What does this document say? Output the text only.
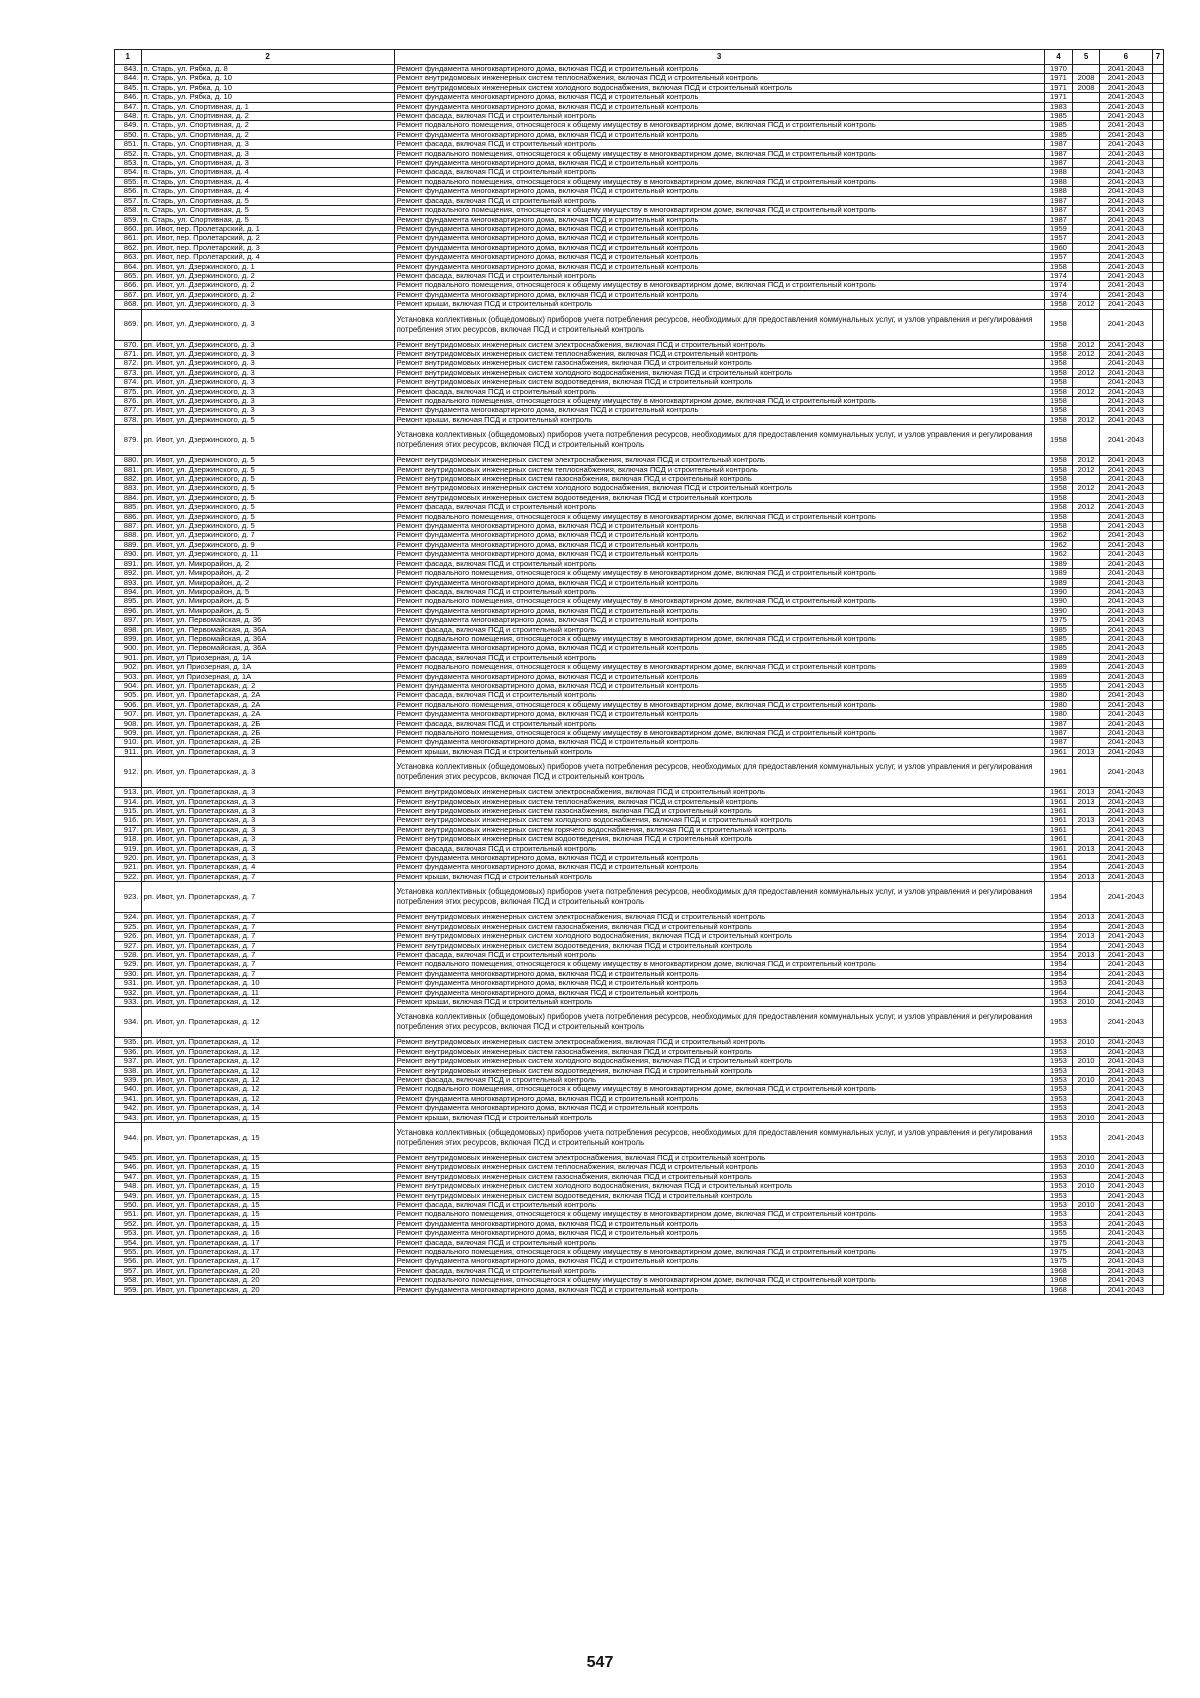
1	2	3	4	5	6	7
843.	п. Старь, ул. Рябка, д. 8	Ремонт фундамента многоквартирного дома, включая ПСД и строительный контроль	1970		2041-2043	
844.	п. Старь, ул. Рябка, д. 10	Ремонт внутридомовых инженерных систем теплоснабжения, включая ПСД и строительный контроль	1971	2008	2041-2043	
845.	п. Старь, ул. Рябка, д. 10	Ремонт внутридомовых инженерных систем холодного водоснабжения, включая ПСД и строительный контроль	1971	2008	2041-2043	
846.	п. Старь, ул. Рябка, д. 10	Ремонт фундамента многоквартирного дома, включая ПСД и строительный контроль	1971		2041-2043	
847.	п. Старь, ул. Спортивная, д. 1	Ремонт фундамента многоквартирного дома, включая ПСД и строительный контроль	1983		2041-2043	
848.	п. Старь, ул. Спортивная, д. 2	Ремонт фасада, включая ПСД и строительный контроль	1985		2041-2043	
849.	п. Старь, ул. Спортивная, д. 2	Ремонт подвального помещения, относящегося к общему имуществу в многоквартирном доме, включая ПСД и строительный контроль	1985		2041-2043	
850.	п. Старь, ул. Спортивная, д. 2	Ремонт фундамента многоквартирного дома, включая ПСД и строительный контроль	1985		2041-2043	
851.	п. Старь, ул. Спортивная, д. 3	Ремонт фасада, включая ПСД и строительный контроль	1987		2041-2043	
852.	п. Старь, ул. Спортивная, д. 3	Ремонт подвального помещения, относящегося к общему имуществу в многоквартирном доме, включая ПСД и строительный контроль	1987		2041-2043	
853.	п. Старь, ул. Спортивная, д. 3	Ремонт фундамента многоквартирного дома, включая ПСД и строительный контроль	1987		2041-2043	
854.	п. Старь, ул. Спортивная, д. 4	Ремонт фасада, включая ПСД и строительный контроль	1988		2041-2043	
855.	п. Старь, ул. Спортивная, д. 4	Ремонт подвального помещения, относящегося к общему имуществу в многоквартирном доме, включая ПСД и строительный контроль	1988		2041-2043	
856.	п. Старь, ул. Спортивная, д. 4	Ремонт фундамента многоквартирного дома, включая ПСД и строительный контроль	1988		2041-2043	
857.	п. Старь, ул. Спортивная, д. 5	Ремонт фасада, включая ПСД и строительный контроль	1987		2041-2043	
858.	п. Старь, ул. Спортивная, д. 5	Ремонт подвального помещения, относящегося к общему имуществу в многоквартирном доме, включая ПСД и строительный контроль	1987		2041-2043	
859.	п. Старь, ул. Спортивная, д. 5	Ремонт фундамента многоквартирного дома, включая ПСД и строительный контроль	1987		2041-2043	
860.	рп. Ивот, пер. Пролетарский, д. 1	Ремонт фундамента многоквартирного дома, включая ПСД и строительный контроль	1959		2041-2043	
861.	рп. Ивот, пер. Пролетарский, д. 2	Ремонт фундамента многоквартирного дома, включая ПСД и строительный контроль	1957		2041-2043	
862.	рп. Ивот, пер. Пролетарский, д. 3	Ремонт фундамента многоквартирного дома, включая ПСД и строительный контроль	1960		2041-2043	
863.	рп. Ивот, пер. Пролетарский, д. 4	Ремонт фундамента многоквартирного дома, включая ПСД и строительный контроль	1957		2041-2043	
864.	рп. Ивот, ул. Дзержинского, д. 1	Ремонт фундамента многоквартирного дома, включая ПСД и строительный контроль	1958		2041-2043	
865.	рп. Ивот, ул. Дзержинского, д. 2	Ремонт фасада, включая ПСД и строительный контроль	1974		2041-2043	
866.	рп. Ивот, ул. Дзержинского, д. 2	Ремонт подвального помещения, относящегося к общему имуществу в многоквартирном доме, включая ПСД и строительный контроль	1974		2041-2043	
867.	рп. Ивот, ул. Дзержинского, д. 2	Ремонт фундамента многоквартирного дома, включая ПСД и строительный контроль	1974		2041-2043	
868.	рп. Ивот, ул. Дзержинского, д. 3	Ремонт крыши, включая ПСД и строительный контроль	1958	2012	2041-2043	
869.	рп. Ивот, ул. Дзержинского, д. 3	Установка коллективных (общедомовых) приборов учета потребления ресурсов, необходимых для предоставления коммунальных услуг, и узлов управления и регулирования потребления этих ресурсов, включая ПСД и строительный контроль	1958		2041-2043	
870.	рп. Ивот, ул. Дзержинского, д. 3	Ремонт внутридомовых инженерных систем электроснабжения, включая ПСД и строительный контроль	1958	2012	2041-2043	
871.	рп. Ивот, ул. Дзержинского, д. 3	Ремонт внутридомовых инженерных систем теплоснабжения, включая ПСД и строительный контроль	1958	2012	2041-2043	
872.	рп. Ивот, ул. Дзержинского, д. 3	Ремонт внутридомовых инженерных систем газоснабжения, включая ПСД и строительный контроль	1958		2041-2043	
873.	рп. Ивот, ул. Дзержинского, д. 3	Ремонт внутридомовых инженерных систем холодного водоснабжения, включая ПСД и строительный контроль	1958	2012	2041-2043	
874.	рп. Ивот, ул. Дзержинского, д. 3	Ремонт внутридомовых инженерных систем водоотведения, включая ПСД и строительный контроль	1958		2041-2043	
875.	рп. Ивот, ул. Дзержинского, д. 3	Ремонт фасада, включая ПСД и строительный контроль	1958	2012	2041-2043	
876.	рп. Ивот, ул. Дзержинского, д. 3	Ремонт подвального помещения, относящегося к общему имуществу в многоквартирном доме, включая ПСД и строительный контроль	1958		2041-2043	
877.	рп. Ивот, ул. Дзержинского, д. 3	Ремонт фундамента многоквартирного дома, включая ПСД и строительный контроль	1958		2041-2043	
878.	рп. Ивот, ул. Дзержинского, д. 5	Ремонт крыши, включая ПСД и строительный контроль	1958	2012	2041-2043	
879.	рп. Ивот, ул. Дзержинского, д. 5	Установка коллективных (общедомовых) приборов учета потребления ресурсов, необходимых для предоставления коммунальных услуг, и узлов управления и регулирования потребления этих ресурсов, включая ПСД и строительный контроль	1958		2041-2043	
880.	рп. Ивот, ул. Дзержинского, д. 5	Ремонт внутридомовых инженерных систем электроснабжения, включая ПСД и строительный контроль	1958	2012	2041-2043	
881.	рп. Ивот, ул. Дзержинского, д. 5	Ремонт внутридомовых инженерных систем теплоснабжения, включая ПСД и строительный контроль	1958	2012	2041-2043	
882.	рп. Ивот, ул. Дзержинского, д. 5	Ремонт внутридомовых инженерных систем газоснабжения, включая ПСД и строительный контроль	1958		2041-2043	
883.	рп. Ивот, ул. Дзержинского, д. 5	Ремонт внутридомовых инженерных систем холодного водоснабжения, включая ПСД и строительный контроль	1958	2012	2041-2043	
884.	рп. Ивот, ул. Дзержинского, д. 5	Ремонт внутридомовых инженерных систем водоотведения, включая ПСД и строительный контроль	1958		2041-2043	
885.	рп. Ивот, ул. Дзержинского, д. 5	Ремонт фасада, включая ПСД и строительный контроль	1958	2012	2041-2043	
886.	рп. Ивот, ул. Дзержинского, д. 5	Ремонт подвального помещения, относящегося к общему имуществу в многоквартирном доме, включая ПСД и строительный контроль	1958		2041-2043	
887.	рп. Ивот, ул. Дзержинского, д. 5	Ремонт фундамента многоквартирного дома, включая ПСД и строительный контроль	1958		2041-2043	
888.	рп. Ивот, ул. Дзержинского, д. 7	Ремонт фундамента многоквартирного дома, включая ПСД и строительный контроль	1962		2041-2043	
889.	рп. Ивот, ул. Дзержинского, д. 9	Ремонт фундамента многоквартирного дома, включая ПСД и строительный контроль	1962		2041-2043	
890.	рп. Ивот, ул. Дзержинского, д. 11	Ремонт фундамента многоквартирного дома, включая ПСД и строительный контроль	1962		2041-2043	
891.	рп. Ивот, ул. Микрорайон, д. 2	Ремонт фасада, включая ПСД и строительный контроль	1989		2041-2043	
892.	рп. Ивот, ул. Микрорайон, д. 2	Ремонт подвального помещения, относящегося к общему имуществу в многоквартирном доме, включая ПСД и строительный контроль	1989		2041-2043	
893.	рп. Ивот, ул. Микрорайон, д. 2	Ремонт фундамента многоквартирного дома, включая ПСД и строительный контроль	1989		2041-2043	
894.	рп. Ивот, ул. Микрорайон, д. 5	Ремонт фасада, включая ПСД и строительный контроль	1990		2041-2043	
895.	рп. Ивот, ул. Микрорайон, д. 5	Ремонт подвального помещения, относящегося к общему имуществу в многоквартирном доме, включая ПСД и строительный контроль	1990		2041-2043	
896.	рп. Ивот, ул. Микрорайон, д. 5	Ремонт фундамента многоквартирного дома, включая ПСД и строительный контроль	1990		2041-2043	
897.	рп. Ивот, ул. Первомайская, д. 36	Ремонт фундамента многоквартирного дома, включая ПСД и строительный контроль	1975		2041-2043	
898.	рп. Ивот, ул. Первомайская, д. 36А	Ремонт фасада, включая ПСД и строительный контроль	1985		2041-2043	
899.	рп. Ивот, ул. Первомайская, д. 36А	Ремонт подвального помещения, относящегося к общему имуществу в многоквартирном доме, включая ПСД и строительный контроль	1985		2041-2043	
900.	рп. Ивот, ул. Первомайская, д. 36А	Ремонт фундамента многоквартирного дома, включая ПСД и строительный контроль	1985		2041-2043	
901.	рп. Ивот, ул Приозерная, д. 1А	Ремонт фасада, включая ПСД и строительный контроль	1989		2041-2043	
902.	рп. Ивот, ул Приозерная, д. 1А	Ремонт подвального помещения, относящегося к общему имуществу в многоквартирном доме, включая ПСД и строительный контроль	1989		2041-2043	
903.	рп. Ивот, ул Приозерная, д. 1А	Ремонт фундамента многоквартирного дома, включая ПСД и строительный контроль	1989		2041-2043	
904.	рп. Ивот, ул. Пролетарская, д. 2	Ремонт фундамента многоквартирного дома, включая ПСД и строительный контроль	1955		2041-2043	
905.	рп. Ивот, ул. Пролетарская, д. 2А	Ремонт фасада, включая ПСД и строительный контроль	1980		2041-2043	
906.	рп. Ивот, ул. Пролетарская, д. 2А	Ремонт подвального помещения, относящегося к общему имуществу в многоквартирном доме, включая ПСД и строительный контроль	1980		2041-2043	
907.	рп. Ивот, ул. Пролетарская, д. 2А	Ремонт фундамента многоквартирного дома, включая ПСД и строительный контроль	1980		2041-2043	
908.	рп. Ивот, ул. Пролетарская, д. 2Б	Ремонт фасада, включая ПСД и строительный контроль	1987		2041-2043	
909.	рп. Ивот, ул. Пролетарская, д. 2Б	Ремонт подвального помещения, относящегося к общему имуществу в многоквартирном доме, включая ПСД и строительный контроль	1987		2041-2043	
910.	рп. Ивот, ул. Пролетарская, д. 2Б	Ремонт фундамента многоквартирного дома, включая ПСД и строительный контроль	1987		2041-2043	
911.	рп. Ивот, ул. Пролетарская, д. 3	Ремонт крыши, включая ПСД и строительный контроль	1961	2013	2041-2043	
912.	рп. Ивот, ул. Пролетарская, д. 3	Установка коллективных (общедомовых) приборов учета потребления ресурсов, необходимых для предоставления коммунальных услуг, и узлов управления и регулирования потребления этих ресурсов, включая ПСД и строительный контроль	1961		2041-2043	
913.	рп. Ивот, ул. Пролетарская, д. 3	Ремонт внутридомовых инженерных систем электроснабжения, включая ПСД и строительный контроль	1961	2013	2041-2043	
914.	рп. Ивот, ул. Пролетарская, д. 3	Ремонт внутридомовых инженерных систем теплоснабжения, включая ПСД и строительный контроль	1961	2013	2041-2043	
915.	рп. Ивот, ул. Пролетарская, д. 3	Ремонт внутридомовых инженерных систем газоснабжения, включая ПСД и строительный контроль	1961		2041-2043	
916.	рп. Ивот, ул. Пролетарская, д. 3	Ремонт внутридомовых инженерных систем холодного водоснабжения, включая ПСД и строительный контроль	1961	2013	2041-2043	
917.	рп. Ивот, ул. Пролетарская, д. 3	Ремонт внутридомовых инженерных систем горячего водоснабжения, включая ПСД и строительный контроль	1961		2041-2043	
918.	рп. Ивот, ул. Пролетарская, д. 3	Ремонт внутридомовых инженерных систем водоотведения, включая ПСД и строительный контроль	1961		2041-2043	
919.	рп. Ивот, ул. Пролетарская, д. 3	Ремонт фасада, включая ПСД и строительный контроль	1961	2013	2041-2043	
920.	рп. Ивот, ул. Пролетарская, д. 3	Ремонт фундамента многоквартирного дома, включая ПСД и строительный контроль	1961		2041-2043	
921.	рп. Ивот, ул. Пролетарская, д. 4	Ремонт фундамента многоквартирного дома, включая ПСД и строительный контроль	1954		2041-2043	
922.	рп. Ивот, ул. Пролетарская, д. 7	Ремонт крыши, включая ПСД и строительный контроль	1954	2013	2041-2043	
923.	рп. Ивот, ул. Пролетарская, д. 7	Установка коллективных (общедомовых) приборов учета потребления ресурсов, необходимых для предоставления коммунальных услуг, и узлов управления и регулирования потребления этих ресурсов, включая ПСД и строительный контроль	1954		2041-2043	
924.	рп. Ивот, ул. Пролетарская, д. 7	Ремонт внутридомовых инженерных систем электроснабжения, включая ПСД и строительный контроль	1954	2013	2041-2043	
925.	рп. Ивот, ул. Пролетарская, д. 7	Ремонт внутридомовых инженерных систем газоснабжения, включая ПСД и строительный контроль	1954		2041-2043	
926.	рп. Ивот, ул. Пролетарская, д. 7	Ремонт внутридомовых инженерных систем холодного водоснабжения, включая ПСД и строительный контроль	1954	2013	2041-2043	
927.	рп. Ивот, ул. Пролетарская, д. 7	Ремонт внутридомовых инженерных систем водоотведения, включая ПСД и строительный контроль	1954		2041-2043	
928.	рп. Ивот, ул. Пролетарская, д. 7	Ремонт фасада, включая ПСД и строительный контроль	1954	2013	2041-2043	
929.	рп. Ивот, ул. Пролетарская, д. 7	Ремонт подвального помещения, относящегося к общему имуществу в многоквартирном доме, включая ПСД и строительный контроль	1954		2041-2043	
930.	рп. Ивот, ул. Пролетарская, д. 7	Ремонт фундамента многоквартирного дома, включая ПСД и строительный контроль	1954		2041-2043	
931.	рп. Ивот, ул. Пролетарская, д. 10	Ремонт фундамента многоквартирного дома, включая ПСД и строительный контроль	1953		2041-2043	
932.	рп. Ивот, ул. Пролетарская, д. 11	Ремонт фундамента многоквартирного дома, включая ПСД и строительный контроль	1964		2041-2043	
933.	рп. Ивот, ул. Пролетарская, д. 12	Ремонт крыши, включая ПСД и строительный контроль	1953	2010	2041-2043	
934.	рп. Ивот, ул. Пролетарская, д. 12	Установка коллективных (общедомовых) приборов учета потребления ресурсов, необходимых для предоставления коммунальных услуг, и узлов управления и регулирования потребления этих ресурсов, включая ПСД и строительный контроль	1953		2041-2043	
935.	рп. Ивот, ул. Пролетарская, д. 12	Ремонт внутридомовых инженерных систем электроснабжения, включая ПСД и строительный контроль	1953	2010	2041-2043	
936.	рп. Ивот, ул. Пролетарская, д. 12	Ремонт внутридомовых инженерных систем газоснабжения, включая ПСД и строительный контроль	1953		2041-2043	
937.	рп. Ивот, ул. Пролетарская, д. 12	Ремонт внутридомовых инженерных систем холодного водоснабжения, включая ПСД и строительный контроль	1953	2010	2041-2043	
938.	рп. Ивот, ул. Пролетарская, д. 12	Ремонт внутридомовых инженерных систем водоотведения, включая ПСД и строительный контроль	1953		2041-2043	
939.	рп. Ивот, ул. Пролетарская, д. 12	Ремонт фасада, включая ПСД и строительный контроль	1953	2010	2041-2043	
940.	рп. Ивот, ул. Пролетарская, д. 12	Ремонт подвального помещения, относящегося к общему имуществу в многоквартирном доме, включая ПСД и строительный контроль	1953		2041-2043	
941.	рп. Ивот, ул. Пролетарская, д. 12	Ремонт фундамента многоквартирного дома, включая ПСД и строительный контроль	1953		2041-2043	
942.	рп. Ивот, ул. Пролетарская, д. 14	Ремонт фундамента многоквартирного дома, включая ПСД и строительный контроль	1953		2041-2043	
943.	рп. Ивот, ул. Пролетарская, д. 15	Ремонт крыши, включая ПСД и строительный контроль	1953	2010	2041-2043	
944.	рп. Ивот, ул. Пролетарская, д. 15	Установка коллективных (общедомовых) приборов учета потребления ресурсов, необходимых для предоставления коммунальных услуг, и узлов управления и регулирования потребления этих ресурсов, включая ПСД и строительный контроль	1953		2041-2043	
945.	рп. Ивот, ул. Пролетарская, д. 15	Ремонт внутридомовых инженерных систем электроснабжения, включая ПСД и строительный контроль	1953	2010	2041-2043	
946.	рп. Ивот, ул. Пролетарская, д. 15	Ремонт внутридомовых инженерных систем теплоснабжения, включая ПСД и строительный контроль	1953	2010	2041-2043	
947.	рп. Ивот, ул. Пролетарская, д. 15	Ремонт внутридомовых инженерных систем газоснабжения, включая ПСД и строительный контроль	1953		2041-2043	
948.	рп. Ивот, ул. Пролетарская, д. 15	Ремонт внутридомовых инженерных систем холодного водоснабжения, включая ПСД и строительный контроль	1953	2010	2041-2043	
949.	рп. Ивот, ул. Пролетарская, д. 15	Ремонт внутридомовых инженерных систем водоотведения, включая ПСД и строительный контроль	1953		2041-2043	
950.	рп. Ивот, ул. Пролетарская, д. 15	Ремонт фасада, включая ПСД и строительный контроль	1953	2010	2041-2043	
951.	рп. Ивот, ул. Пролетарская, д. 15	Ремонт подвального помещения, относящегося к общему имуществу в многоквартирном доме, включая ПСД и строительный контроль	1953		2041-2043	
952.	рп. Ивот, ул. Пролетарская, д. 15	Ремонт фундамента многоквартирного дома, включая ПСД и строительный контроль	1953		2041-2043	
953.	рп. Ивот, ул. Пролетарская, д. 16	Ремонт фундамента многоквартирного дома, включая ПСД и строительный контроль	1955		2041-2043	
954.	рп. Ивот, ул. Пролетарская, д. 17	Ремонт фасада, включая ПСД и строительный контроль	1975		2041-2043	
955.	рп. Ивот, ул. Пролетарская, д. 17	Ремонт подвального помещения, относящегося к общему имуществу в многоквартирном доме, включая ПСД и строительный контроль	1975		2041-2043	
956.	рп. Ивот, ул. Пролетарская, д. 17	Ремонт фундамента многоквартирного дома, включая ПСД и строительный контроль	1975		2041-2043	
957.	рп. Ивот, ул. Пролетарская, д. 20	Ремонт фасада, включая ПСД и строительный контроль	1968		2041-2043	
958.	рп. Ивот, ул. Пролетарская, д. 20	Ремонт подвального помещения, относящегося к общему имуществу в многоквартирном доме, включая ПСД и строительный контроль	1968		2041-2043	
959.	рп. Ивот, ул. Пролетарская, д. 20	Ремонт фундамента многоквартирного дома, включая ПСД и строительный контроль	1968		2041-2043	
547
